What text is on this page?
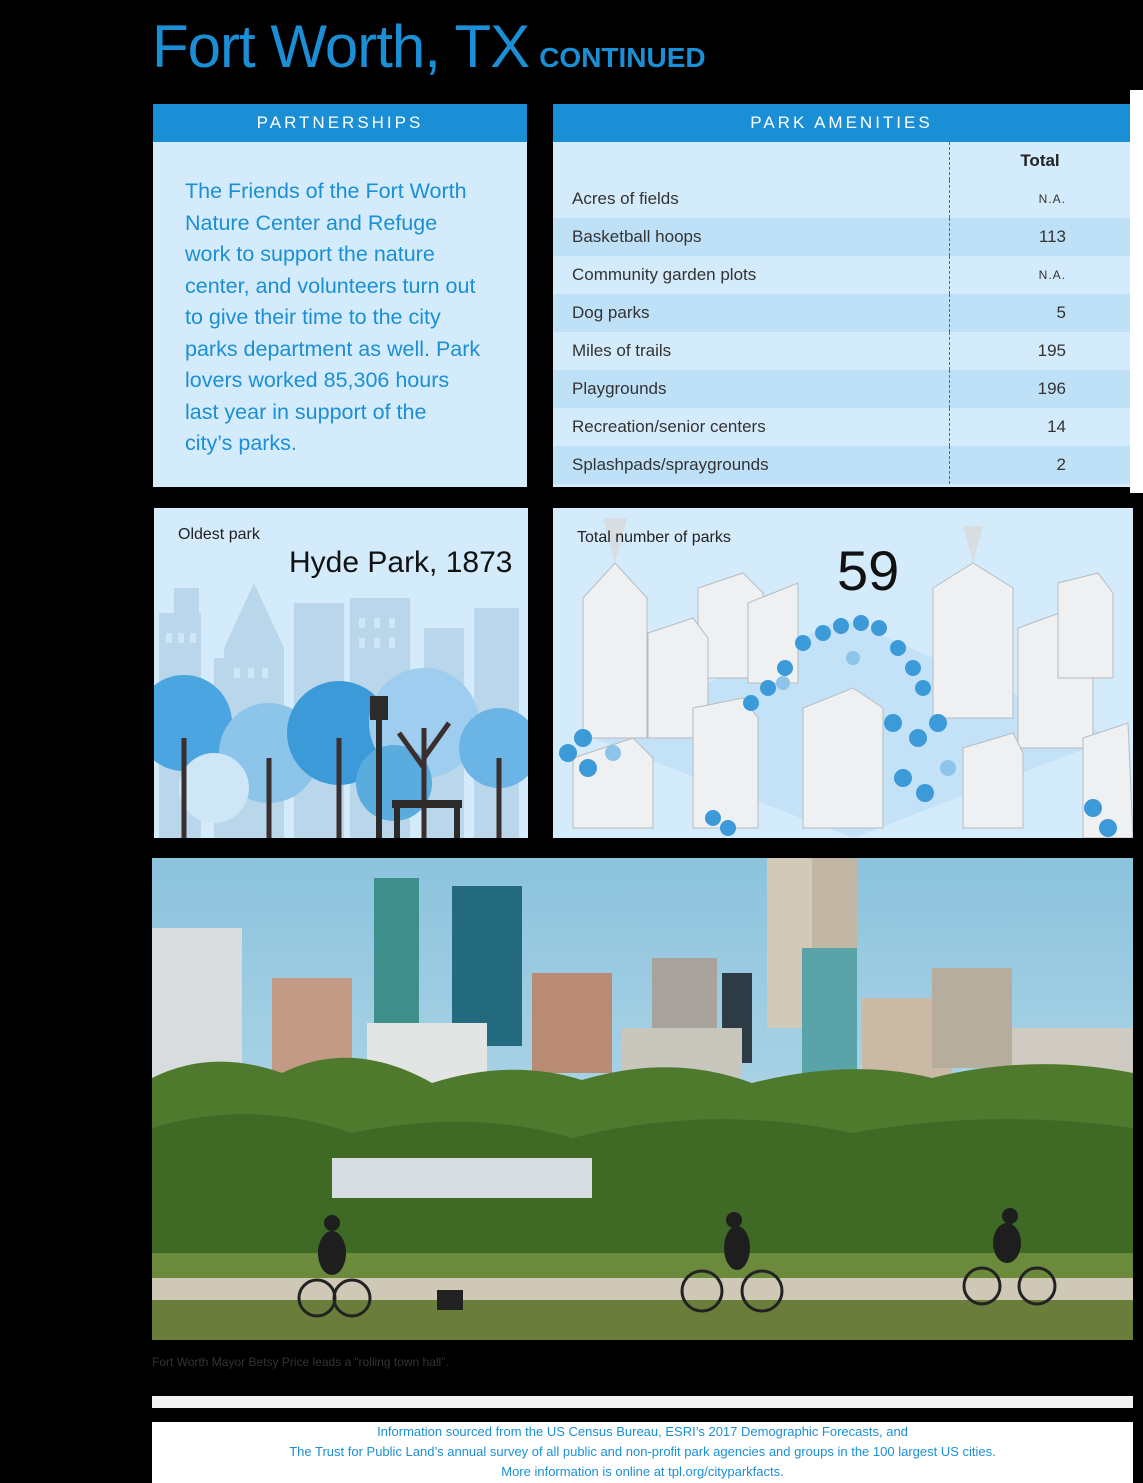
Fort Worth, TX CONTINUED
PARTNERSHIPS
The Friends of the Fort Worth
Nature Center and Refuge
work to support the nature
center, and volunteers turn out
to give their time to the city
parks department as well. Park
lovers worked 85,306 hours
last year in support of the
city’s parks.
PARK AMENITIES
	Total
Acres of fields	N.A.
Basketball hoops	113
Community garden plots	N.A.
Dog parks	5
Miles of trails	195
Playgrounds	196
Recreation/senior centers	14
Splashpads/spraygrounds	2
Oldest park
Hyde Park, 1873
Total number of parks
59
Fort Worth Mayor Betsy Price leads a “rolling town hall”.
Information sourced from the US Census Bureau, ESRI’s 2017 Demographic Forecasts, and
The Trust for Public Land’s annual survey of all public and non-profit park agencies and groups in the 100 largest US cities.
More information is online at tpl.org/cityparkfacts.
